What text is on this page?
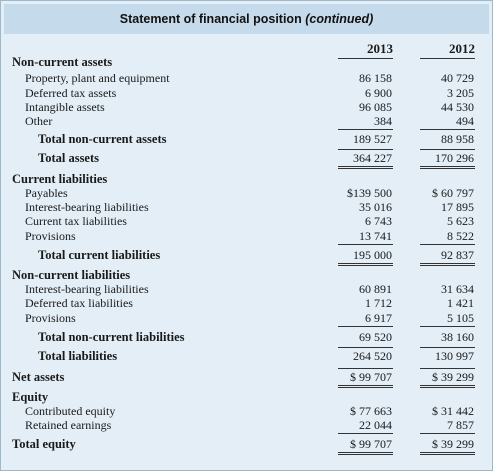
Statement of financial position (continued)
2013	2012
Non-current assets
Property, plant and equipment	86 158	40 729
Deferred tax assets	6 900	3 205
Intangible assets	96 085	44 530
Other	384	494
Total non-current assets	189 527	88 958
Total assets	364 227	170 296
Current liabilities
Payables	$139 500	$ 60 797
Interest-bearing liabilities	35 016	17 895
Current tax liabilities	6 743	5 623
Provisions	13 741	8 522
Total current liabilities	195 000	92 837
Non-current liabilities
Interest-bearing liabilities	60 891	31 634
Deferred tax liabilities	1 712	1 421
Provisions	6 917	5 105
Total non-current liabilities	69 520	38 160
Total liabilities	264 520	130 997
Net assets	$ 99 707	$ 39 299
Equity
Contributed equity	$ 77 663	$ 31 442
Retained earnings	22 044	7 857
Total equity	$ 99 707	$ 39 299
